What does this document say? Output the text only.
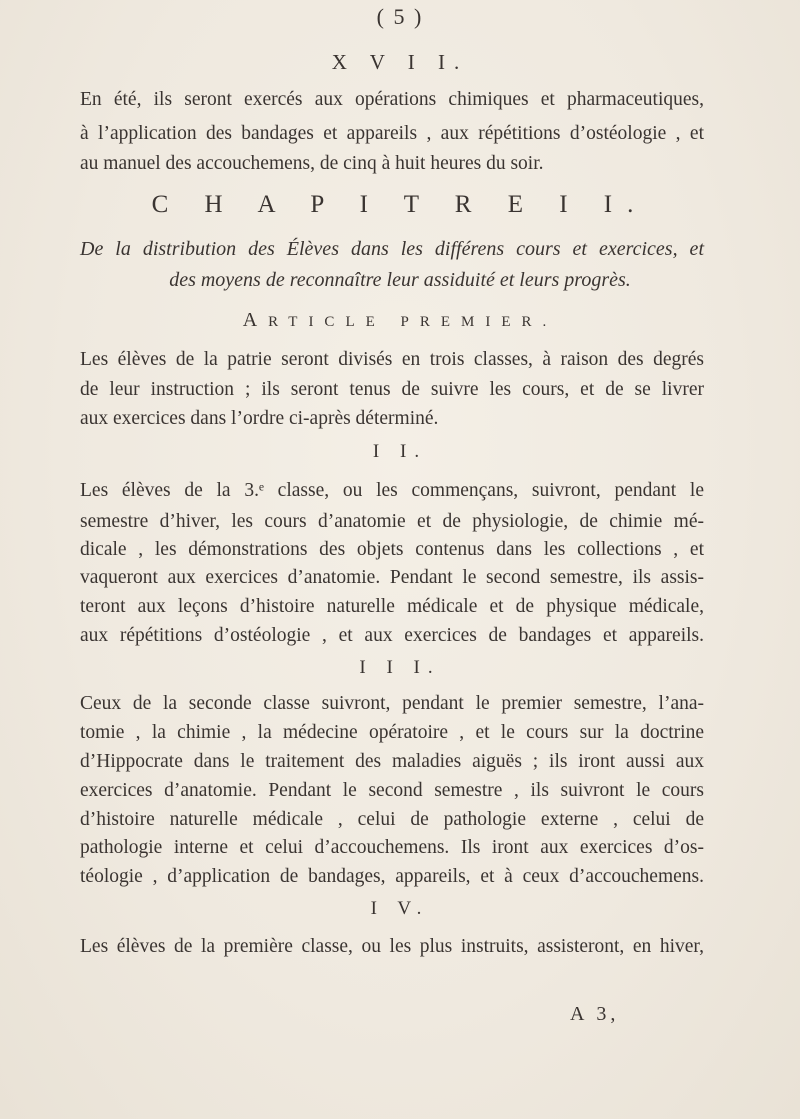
( 5 )
X V I I.
En été, ils seront exercés aux opérations chimiques et pharmaceutiques,
à l’application des bandages et appareils , aux répétitions d’ostéologie , et
au manuel des accouchemens, de cinq à huit heures du soir.
C H A P I T R E I I.
De la distribution des Élèves dans les différens cours et exercices, et
des moyens de reconnaître leur assiduité et leurs progrès.
ARTICLE PREMIER.
Les élèves de la patrie seront divisés en trois classes, à raison des degrés
de leur instruction ; ils seront tenus de suivre les cours, et de se livrer
aux exercices dans l’ordre ci-après déterminé.
I I.
Les élèves de la 3.ᵉ classe, ou les commençans, suivront, pendant le
semestre d’hiver, les cours d’anatomie et de physiologie, de chimie mé-
dicale , les démonstrations des objets contenus dans les collections , et
vaqueront aux exercices d’anatomie. Pendant le second semestre, ils assis-
teront aux leçons d’histoire naturelle médicale et de physique médicale,
aux répétitions d’ostéologie , et aux exercices de bandages et appareils.
I I I.
Ceux de la seconde classe suivront, pendant le premier semestre, l’ana-
tomie , la chimie , la médecine opératoire , et le cours sur la doctrine
d’Hippocrate dans le traitement des maladies aiguës ; ils iront aussi aux
exercices d’anatomie. Pendant le second semestre , ils suivront le cours
d’histoire naturelle médicale , celui de pathologie externe , celui de
pathologie interne et celui d’accouchemens. Ils iront aux exercices d’os-
téologie , d’application de bandages, appareils, et à ceux d’accouchemens.
I V.
Les élèves de la première classe, ou les plus instruits, assisteront, en hiver,
A 3,
